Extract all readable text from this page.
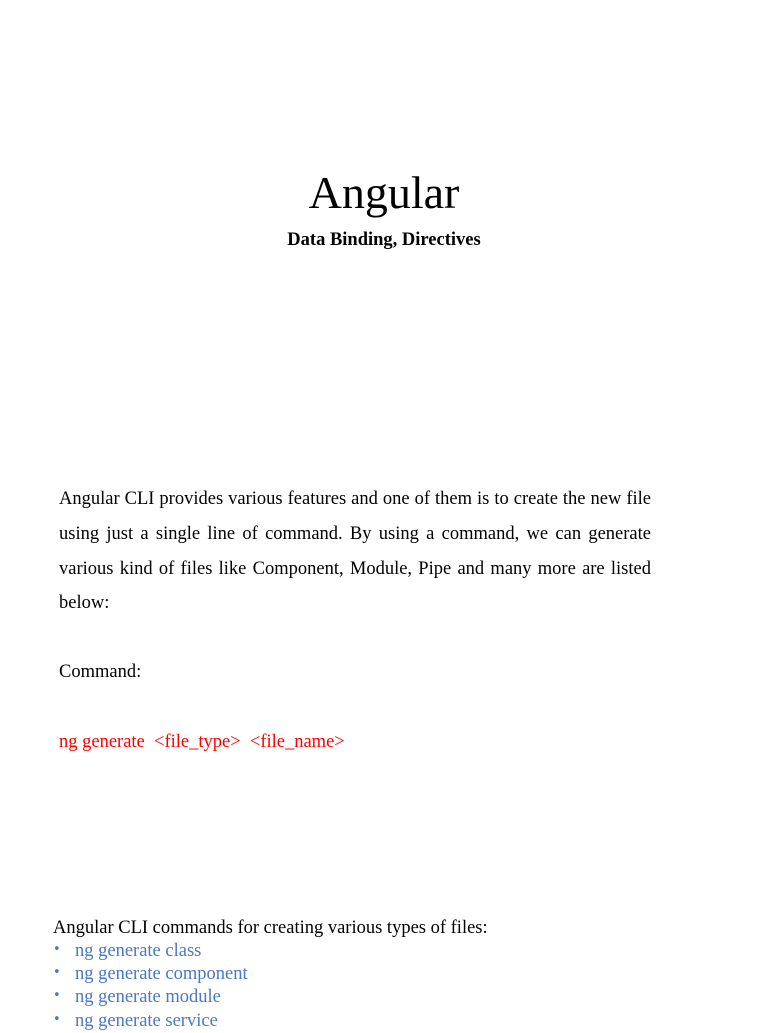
Angular

Data Binding, Directives

Angular CLI provides various features and one of them is to create the new file using just a single line of command. By using a command, we can generate various kind of files like Component, Module, Pipe and many more are listed below:

Command:

ng generate  <file_type>  <file_name>

Angular CLI commands for creating various types of files:

• ng generate class
• ng generate component
• ng generate module
• ng generate service
